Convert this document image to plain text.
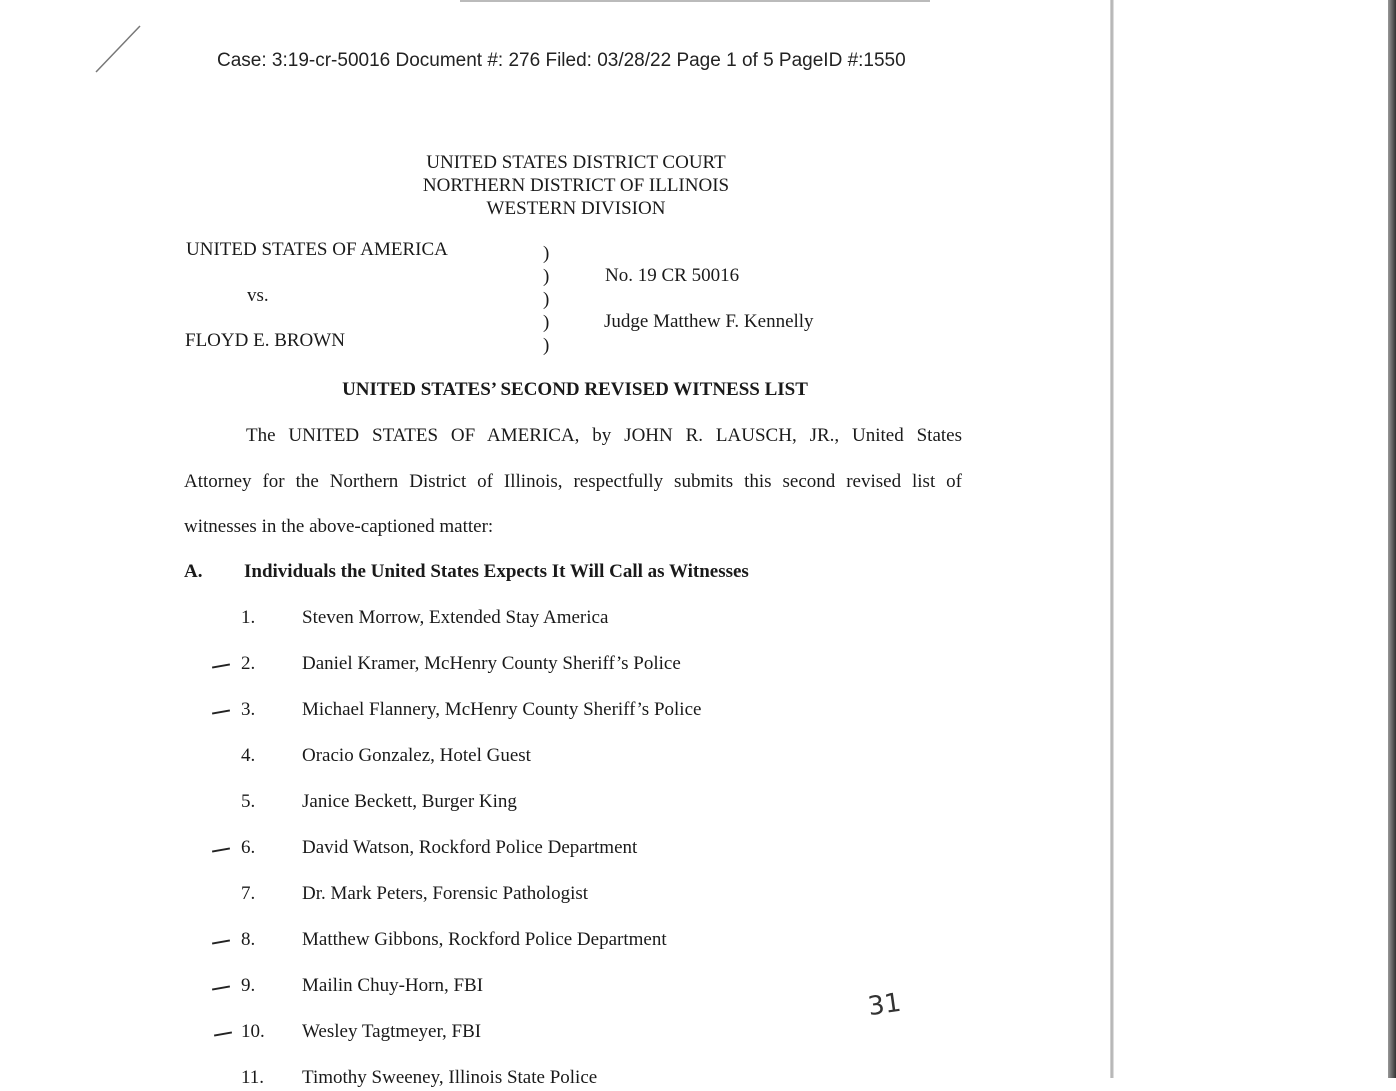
Case: 3:19-cr-50016 Document #: 276 Filed: 03/28/22 Page 1 of 5 PageID #:1550
UNITED STATES DISTRICT COURT
NORTHERN DISTRICT OF ILLINOIS
WESTERN DIVISION
UNITED STATES OF AMERICA
vs.
FLOYD E. BROWN
)
)
)
)
)
No. 19 CR 50016
Judge Matthew F. Kennelly
UNITED STATES’ SECOND REVISED WITNESS LIST
The UNITED STATES OF AMERICA, by JOHN R. LAUSCH, JR., United States
Attorney for the Northern District of Illinois, respectfully submits this second revised list of
witnesses in the above-captioned matter:
A. Individuals the United States Expects It Will Call as Witnesses
1. Steven Morrow, Extended Stay America
2. Daniel Kramer, McHenry County Sheriff’s Police
3. Michael Flannery, McHenry County Sheriff’s Police
4. Oracio Gonzalez, Hotel Guest
5. Janice Beckett, Burger King
6. David Watson, Rockford Police Department
7. Dr. Mark Peters, Forensic Pathologist
8. Matthew Gibbons, Rockford Police Department
9. Mailin Chuy-Horn, FBI
10. Wesley Tagtmeyer, FBI
11. Timothy Sweeney, Illinois State Police
31
